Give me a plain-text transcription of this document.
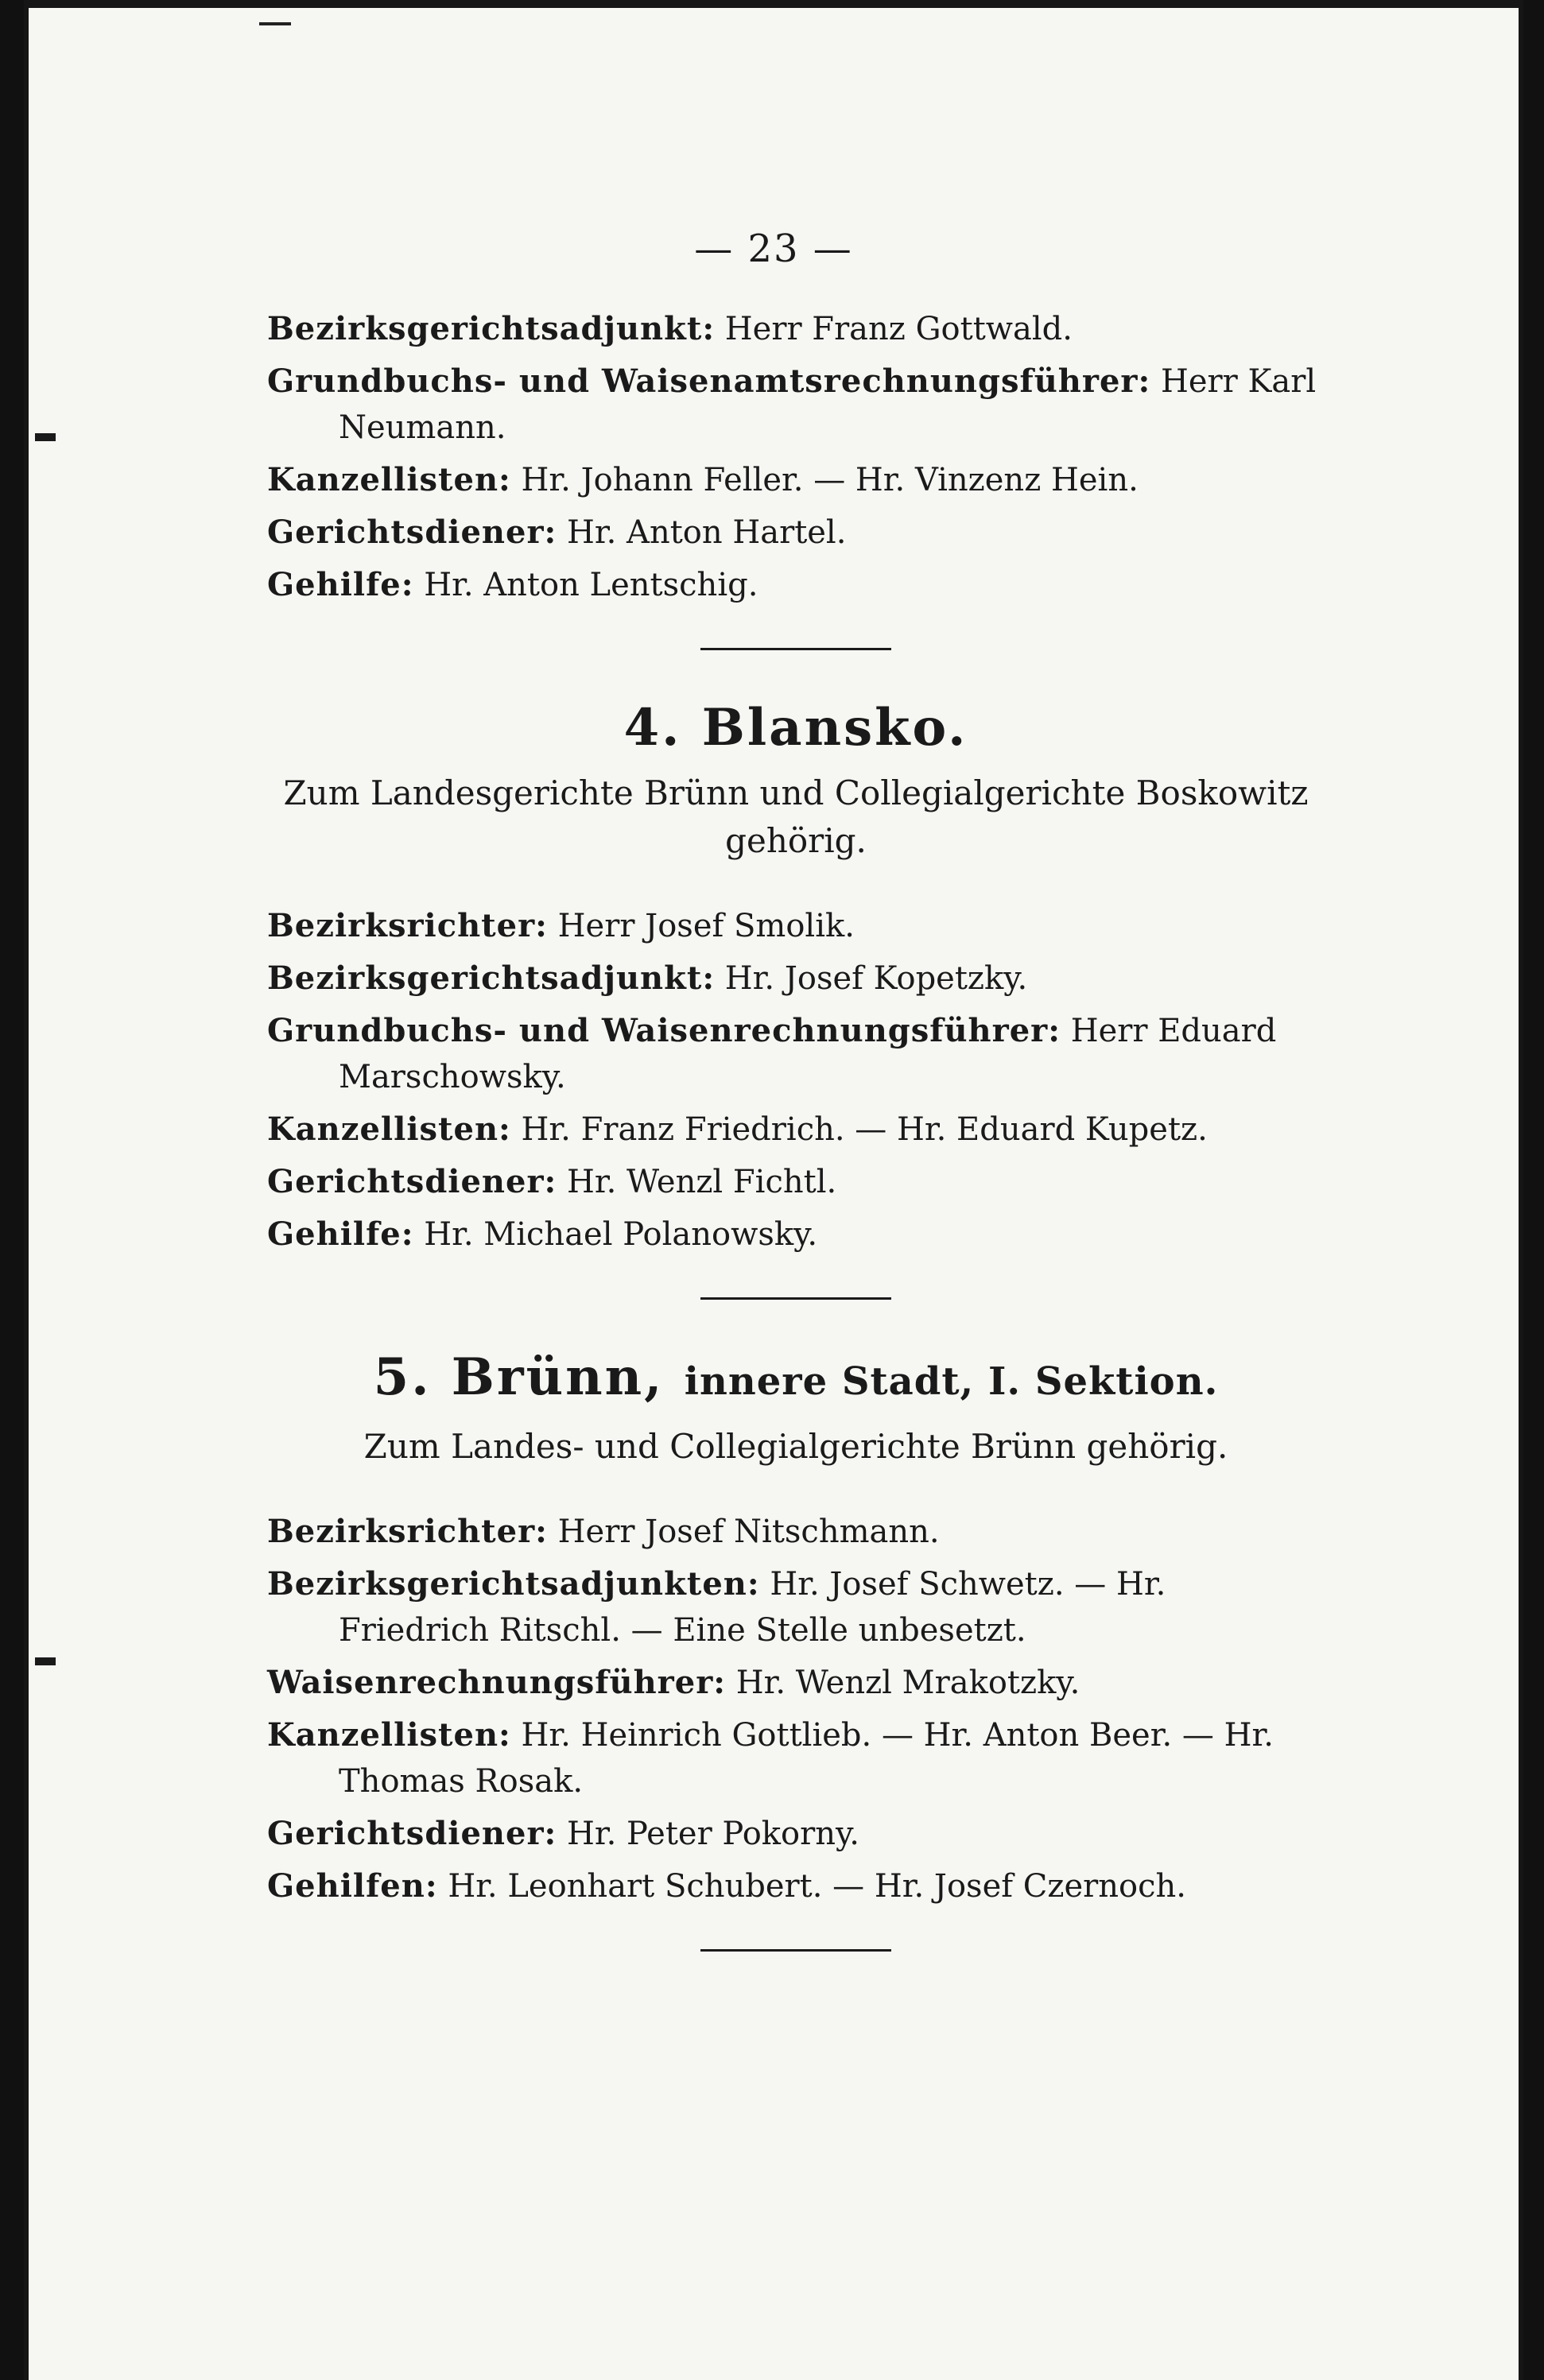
— 23 —
Bezirksgerichtsadjunkt: Herr Franz Gottwald.
Grundbuchs- und Waisenamtsrechnungsführer: Herr Karl Neumann.
Kanzellisten: Hr. Johann Feller. — Hr. Vinzenz Hein.
Gerichtsdiener: Hr. Anton Hartel.
Gehilfe: Hr. Anton Lentschig.
4. Blansko.
Zum Landesgerichte Brünn und Collegialgerichte Boskowitz gehörig.
Bezirksrichter: Herr Josef Smolik.
Bezirksgerichtsadjunkt: Hr. Josef Kopetzky.
Grundbuchs- und Waisenrechnungsführer: Herr Eduard Marschowsky.
Kanzellisten: Hr. Franz Friedrich. — Hr. Eduard Kupetz.
Gerichtsdiener: Hr. Wenzl Fichtl.
Gehilfe: Hr. Michael Polanowsky.
5. Brünn, innere Stadt, I. Sektion.
Zum Landes- und Collegialgerichte Brünn gehörig.
Bezirksrichter: Herr Josef Nitschmann.
Bezirksgerichtsadjunkten: Hr. Josef Schwetz. — Hr. Friedrich Ritschl. — Eine Stelle unbesetzt.
Waisenrechnungsführer: Hr. Wenzl Mrakotzky.
Kanzellisten: Hr. Heinrich Gottlieb. — Hr. Anton Beer. — Hr. Thomas Rosak.
Gerichtsdiener: Hr. Peter Pokorny.
Gehilfen: Hr. Leonhart Schubert. — Hr. Josef Czernoch.
